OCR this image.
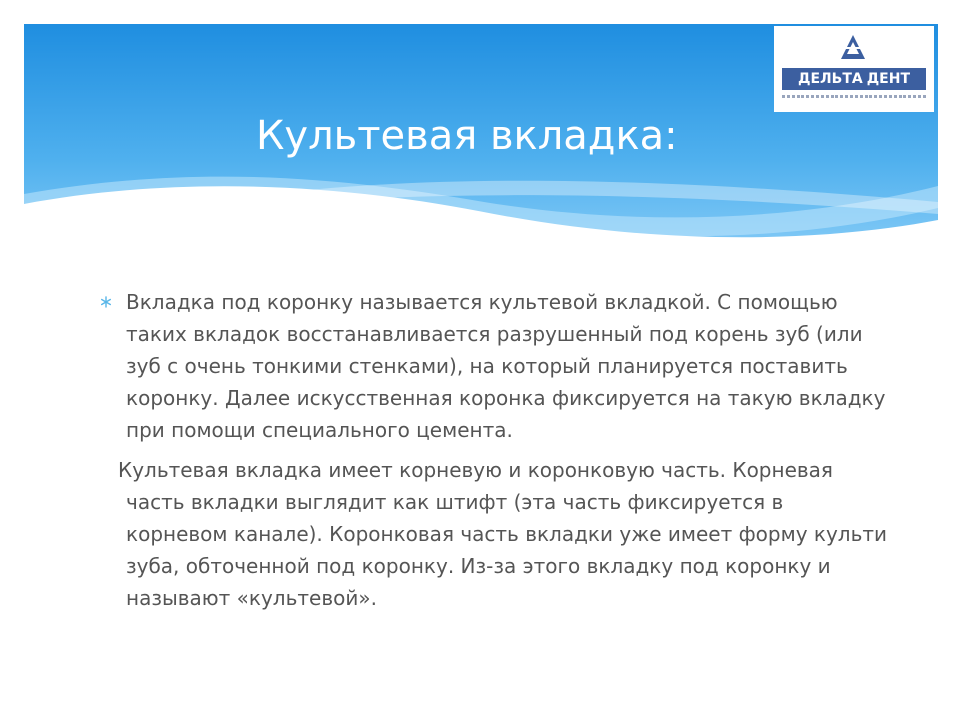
ДЕЛЬТА ДЕНТ
Культевая вкладка:

Вкладка под коронку называется культевой вкладкой. С помощью таких вкладок восстанавливается разрушенный под корень зуб (или зуб с очень тонкими стенками), на который планируется поставить коронку. Далее искусственная коронка фиксируется на такую вкладку при помощи специального цемента.

Культевая вкладка имеет корневую и коронковую часть. Корневая часть вкладки выглядит как штифт (эта часть фиксируется в корневом канале). Коронковая часть вкладки уже имеет форму культи зуба, обточенной под коронку. Из-за этого вкладку под коронку и называют «культевой».
